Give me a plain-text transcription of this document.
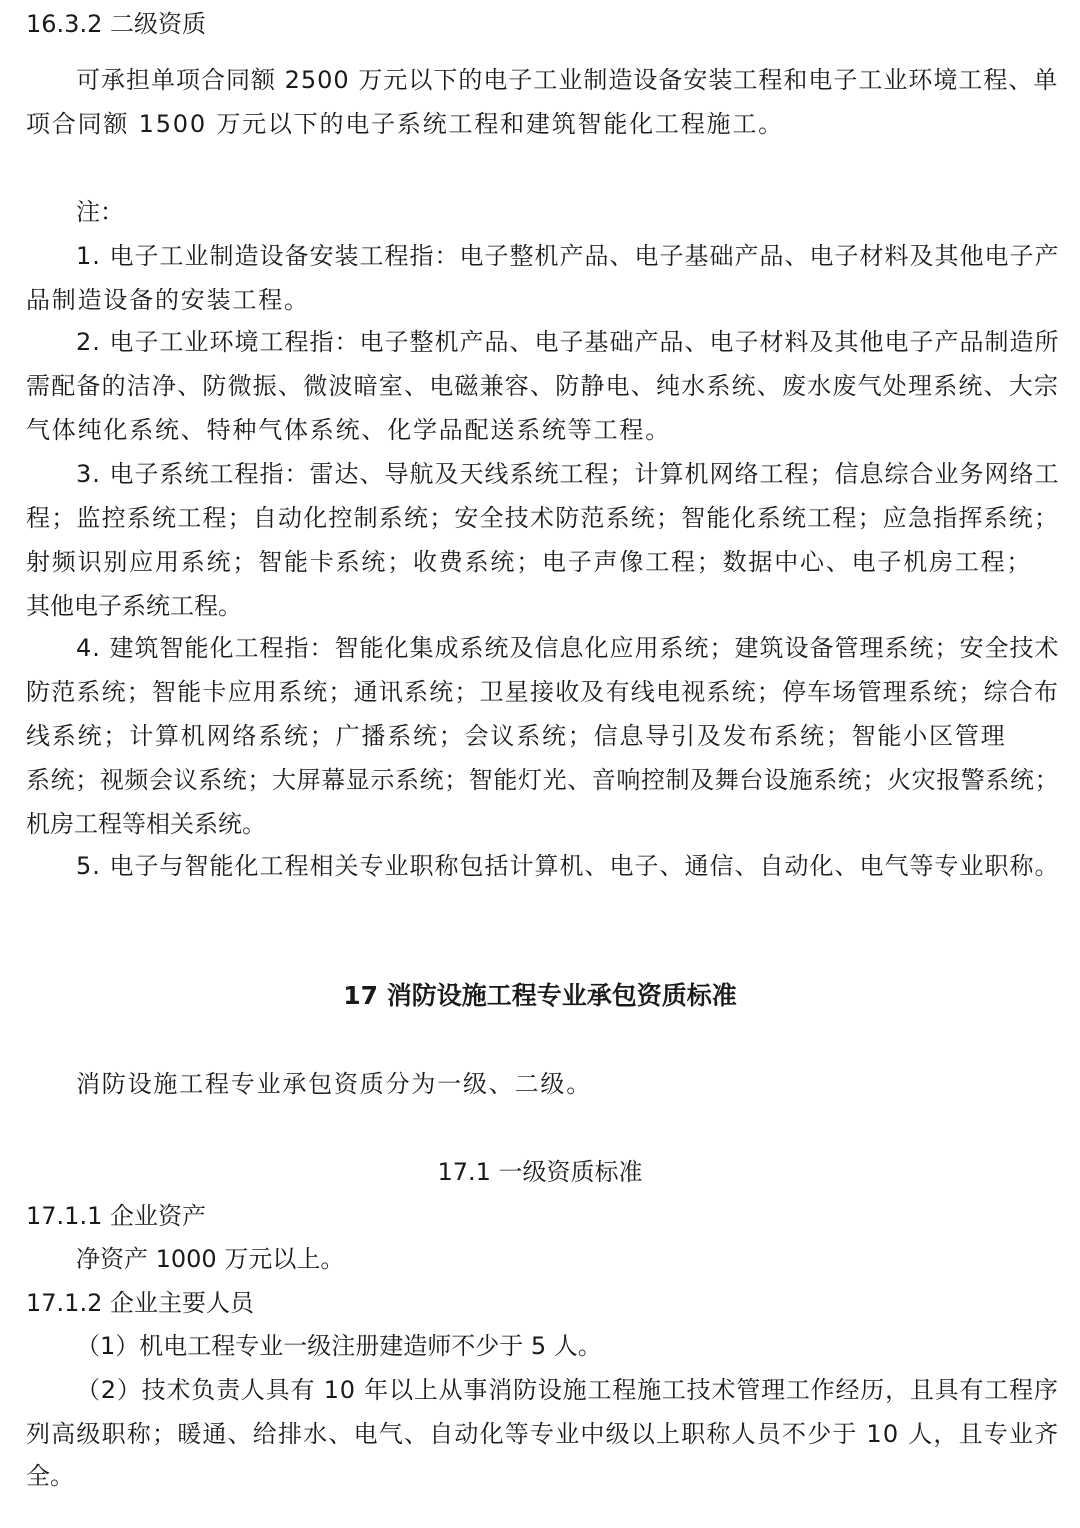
16.3.2 二级资质
可承担单项合同额 2500 万元以下的电子工业制造设备安装工程和电子工业环境工程、单
项合同额 1500 万元以下的电子系统工程和建筑智能化工程施工。
注：
1. 电子工业制造设备安装工程指：电子整机产品、电子基础产品、电子材料及其他电子产
品制造设备的安装工程。
2. 电子工业环境工程指：电子整机产品、电子基础产品、电子材料及其他电子产品制造所
需配备的洁净、防微振、微波暗室、电磁兼容、防静电、纯水系统、废水废气处理系统、大宗
气体纯化系统、特种气体系统、化学品配送系统等工程。
3. 电子系统工程指：雷达、导航及天线系统工程；计算机网络工程；信息综合业务网络工
程；监控系统工程；自动化控制系统；安全技术防范系统；智能化系统工程；应急指挥系统；
射频识别应用系统；智能卡系统；收费系统；电子声像工程；数据中心、电子机房工程；
其他电子系统工程。
4. 建筑智能化工程指：智能化集成系统及信息化应用系统；建筑设备管理系统；安全技术
防范系统；智能卡应用系统；通讯系统；卫星接收及有线电视系统；停车场管理系统；综合布
线系统；计算机网络系统；广播系统；会议系统；信息导引及发布系统；智能小区管理
系统；视频会议系统；大屏幕显示系统；智能灯光、音响控制及舞台设施系统；火灾报警系统；
机房工程等相关系统。
5. 电子与智能化工程相关专业职称包括计算机、电子、通信、自动化、电气等专业职称。
17 消防设施工程专业承包资质标准
消防设施工程专业承包资质分为一级、二级。
17.1 一级资质标准
17.1.1 企业资产
净资产 1000 万元以上。
17.1.2 企业主要人员
（1）机电工程专业一级注册建造师不少于 5 人。
（2）技术负责人具有 10 年以上从事消防设施工程施工技术管理工作经历，且具有工程序
列高级职称；暖通、给排水、电气、自动化等专业中级以上职称人员不少于 10 人，且专业齐
全。
